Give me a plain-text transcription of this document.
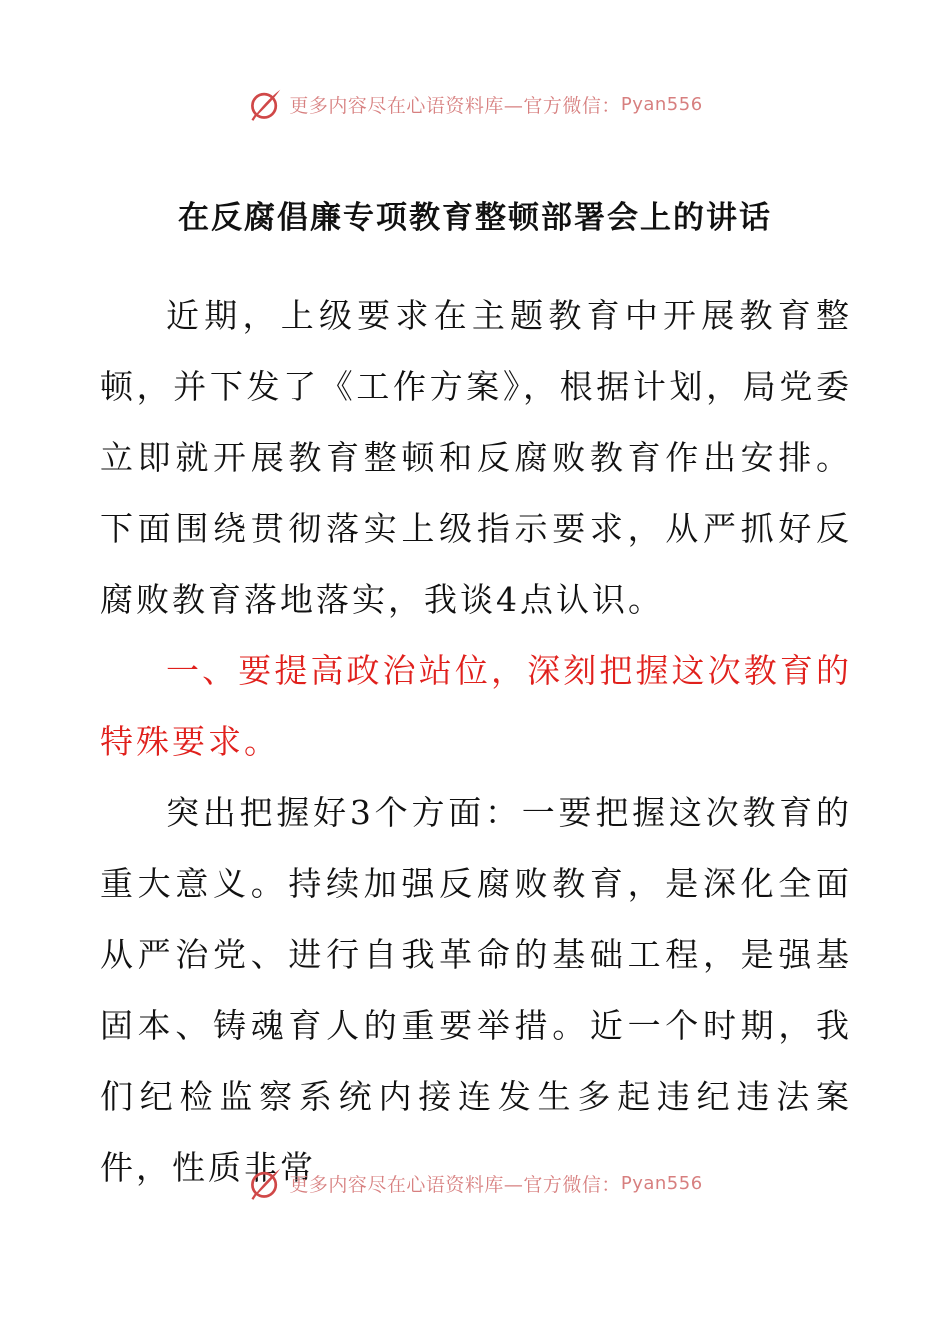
更多内容尽在心语资料库—官方微信： Pyan556
在反腐倡廉专项教育整顿部署会上的讲话

近期，上级要求在主题教育中开展教育整顿，并下发了《工作方案》，根据计划，局党委立即就开展教育整顿和反腐败教育作出安排。下面围绕贯彻落实上级指示要求，从严抓好反腐败教育落地落实，我谈4点认识。

一、要提高政治站位，深刻把握这次教育的特殊要求。

突出把握好3个方面：一要把握这次教育的重大意义。持续加强反腐败教育，是深化全面从严治党、进行自我革命的基础工程，是强基固本、铸魂育人的重要举措。近一个时期，我们纪检监察系统内接连发生多起违纪违法案件，性质非常

更多内容尽在心语资料库—官方微信： Pyan556
